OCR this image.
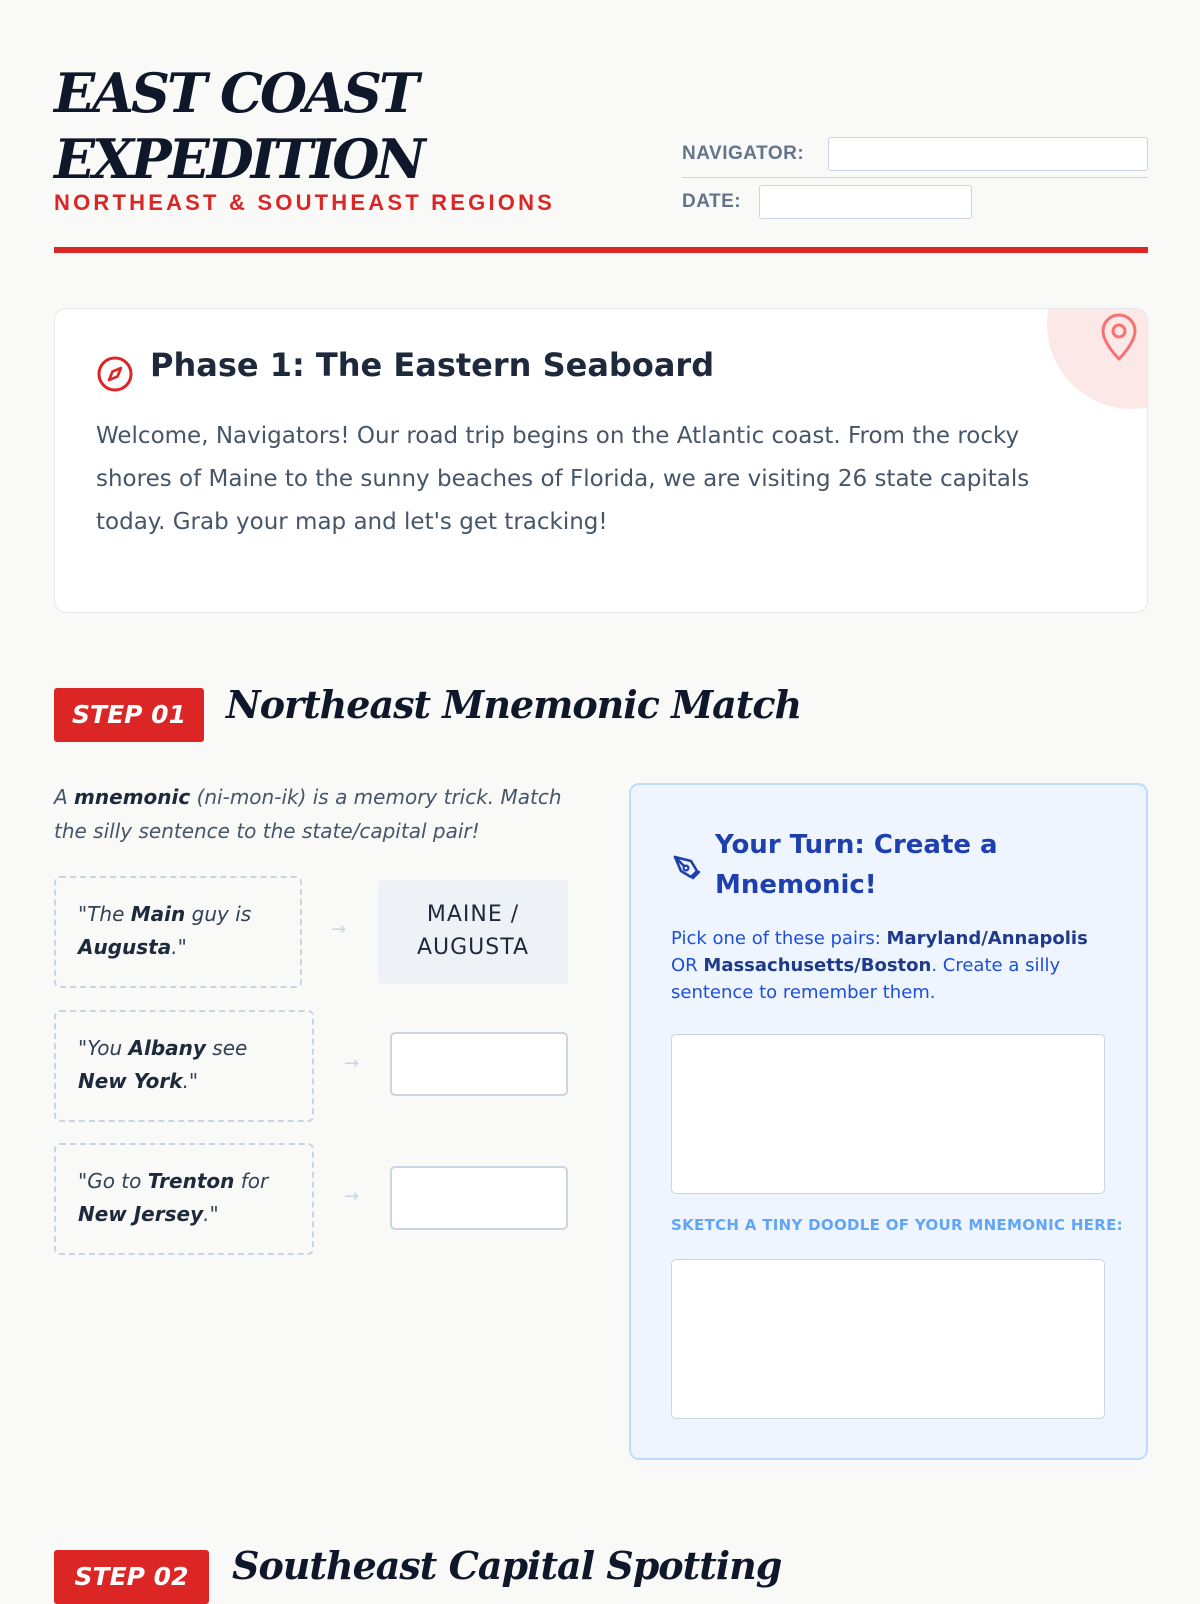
EAST COAST
EXPEDITION
NORTHEAST & SOUTHEAST REGIONS
NAVIGATOR:
DATE:
Phase 1: The Eastern Seaboard

Welcome, Navigators! Our road trip begins on the Atlantic coast. From the rocky shores of Maine to the sunny beaches of Florida, we are visiting 26 state capitals today. Grab your map and let's get tracking!

STEP 01	Northeast Mnemonic Match

A mnemonic (ni-mon-ik) is a memory trick. Match the silly sentence to the state/capital pair!

"The Main guy is Augusta."
→
MAINE /
AUGUSTA
"You Albany see New York."
→
"Go to Trenton for New Jersey."
→
Your Turn: Create a Mnemonic!

Pick one of these pairs: Maryland/Annapolis OR Massachusetts/Boston. Create a silly sentence to remember them.

SKETCH A TINY DOODLE OF YOUR MNEMONIC HERE:

STEP 02	Southeast Capital Spotting
